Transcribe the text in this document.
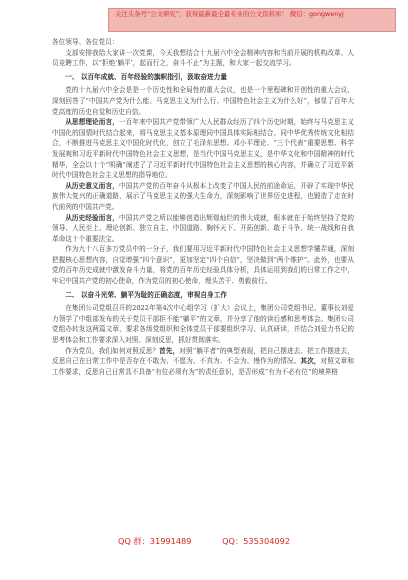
关注头条号“公文研究”，获得最新最全最专业的公文资料库！ 微信：gongwenyj

各位领导、各位党员：

支部安排我给大家讲一次党课，今天我想结合十九届六中全会精神内容和当前开展的机构改革、人员竞聘工作，以“拒绝‘躺平’，起而行之，奋斗不止”为主题，和大家一起交流学习。

一、 以百年成就、百年经验的旗帜指引，汲取奋进力量

党的十九届六中全会是是一个历史性和全局性的重大会议，也是一个里程碑和开创性的重大会议，深刻回答了“中国共产党为什么能、马克思主义为什么行、中国特色社会主义为什么好”，郁显了百年大党高度的历史自觉和历史自信。

从思想理论而言，一百年来中国共产党带领广大人民群众经历了四个历史时期，始终与马克思主义中国化的国情时代结合起来，将马克思主义基本原理同中国具体实际相结合、同中华优秀传统文化相结合，不断推进马克思主义中国化时代化，创立了毛泽东思想、邓小平理论、“三个代表”重要思想、科学发展观和习近平新时代中国特色社会主义思想，是当代中国马克思主义，是中华文化和中国精神的时代精华，全会以十个“明确”阐述了了习近平新时代中国特色社会主义思想的核心内容，并确立了习近平新时代中国特色社会主义思想的指导地位。

从历史意义而言，中国共产党的百年奋斗从根本上改变了中国人民的前途命运，开辟了实现中华民族伟大复兴的正确道路，展示了马克思主义的强大生命力，深刻影响了世界历史进程，也锻造了走在时代前列的中国共产党。

从历史经验而言，中国共产党之所以能够创造出辉煌灿烂的伟大成就，根本就在于始终坚持了党的领导、人民至上、理论创新、独立自主、中国道路、胸怀天下、开拓创新、敢于斗争、统一战线和自我革命这十个重要法宝。

作为九十八百多万党员中的一分子，我们要用习近平新时代中国特色社会主义思想学懂弄通，深刻把握核心思想内容，自觉增强“四个意识”，更加坚定“四个自信”，坚决做到“两个维护”。此外，也要从党的百年历史成就中激发奋斗力量，将党的百年历史经验具体分析，具体运用到我们的日常工作之中，牢记中国共产党的初心使命，作为党员的初心使命，埋头苦干、勇毅前行。

二、 以奋斗光荣、躺平为耻的正确态度，审视自身工作

在集团公司党组召开的2022年第4次中心组学习（扩大）会议上，集团公司党组书记、董事长刘爱力领学了中组部发布的关于党员干部拒不能“躺平”的文章，并分享了他的读后感和思考体会。集团公司党组办转发这两篇文章，要求各级党组织和全体党员干部要组织学习、认真研读，并结合刘爱力书记的思考体会和工作要求深入对照、深刻反思，抓好贯彻落实。

作为党员，我们如何对照反思？首先，对照“躺平者”的典型表现，把自己摆进去、把工作摆进去，反思自己在日常工作中是否存在不敢为、不愿为、不真为、不会为、慢作为的情况。其次，对照文章和工作要求，反思自己日常具不具备“有位必须有为”的责任意识，是否形成“有为不必有位”的境界格

QQ 群：31991489	QQ：535304092
